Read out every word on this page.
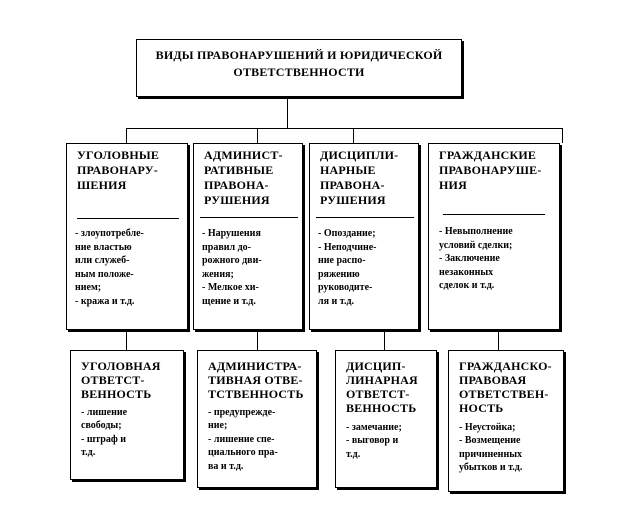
ВИДЫ ПРАВОНАРУШЕНИЙ И ЮРИДИЧЕСКОЙ
ОТВЕТСТВЕННОСТИ
УГОЛОВНЫЕ
ПРАВОНАРУ-
ШЕНИЯ
- злоупотребле-
ние властью
или служеб-
ным положе-
нием;
- кража и т.д.
АДМИНИСТ-
РАТИВНЫЕ
ПРАВОНА-
РУШЕНИЯ
- Нарушения
правил до-
рожного дви-
жения;
- Мелкое хи-
щение и т.д.
ДИСЦИПЛИ-
НАРНЫЕ
ПРАВОНА-
РУШЕНИЯ
- Опоздание;
- Неподчине-
ние распо-
ряжению
руководите-
ля и т.д.
ГРАЖДАНСКИЕ
ПРАВОНАРУШЕ-
НИЯ
- Невыполнение
условий сделки;
- Заключение
незаконных
сделок и т.д.
УГОЛОВНАЯ
ОТВЕТСТ-
ВЕННОСТЬ
- лишение
свободы;
- штраф и
т.д.
АДМИНИСТРА-
ТИВНАЯ ОТВЕ-
ТСТВЕННОСТЬ
- предупрежде-
ние;
- лишение спе-
циального пра-
ва и т.д.
ДИСЦИП-
ЛИНАРНАЯ
ОТВЕТСТ-
ВЕННОСТЬ
- замечание;
- выговор и
т.д.
ГРАЖДАНСКО-
ПРАВОВАЯ
ОТВЕТСТВЕН-
НОСТЬ
- Неустойка;
- Возмещение
причиненных
убытков и т.д.
